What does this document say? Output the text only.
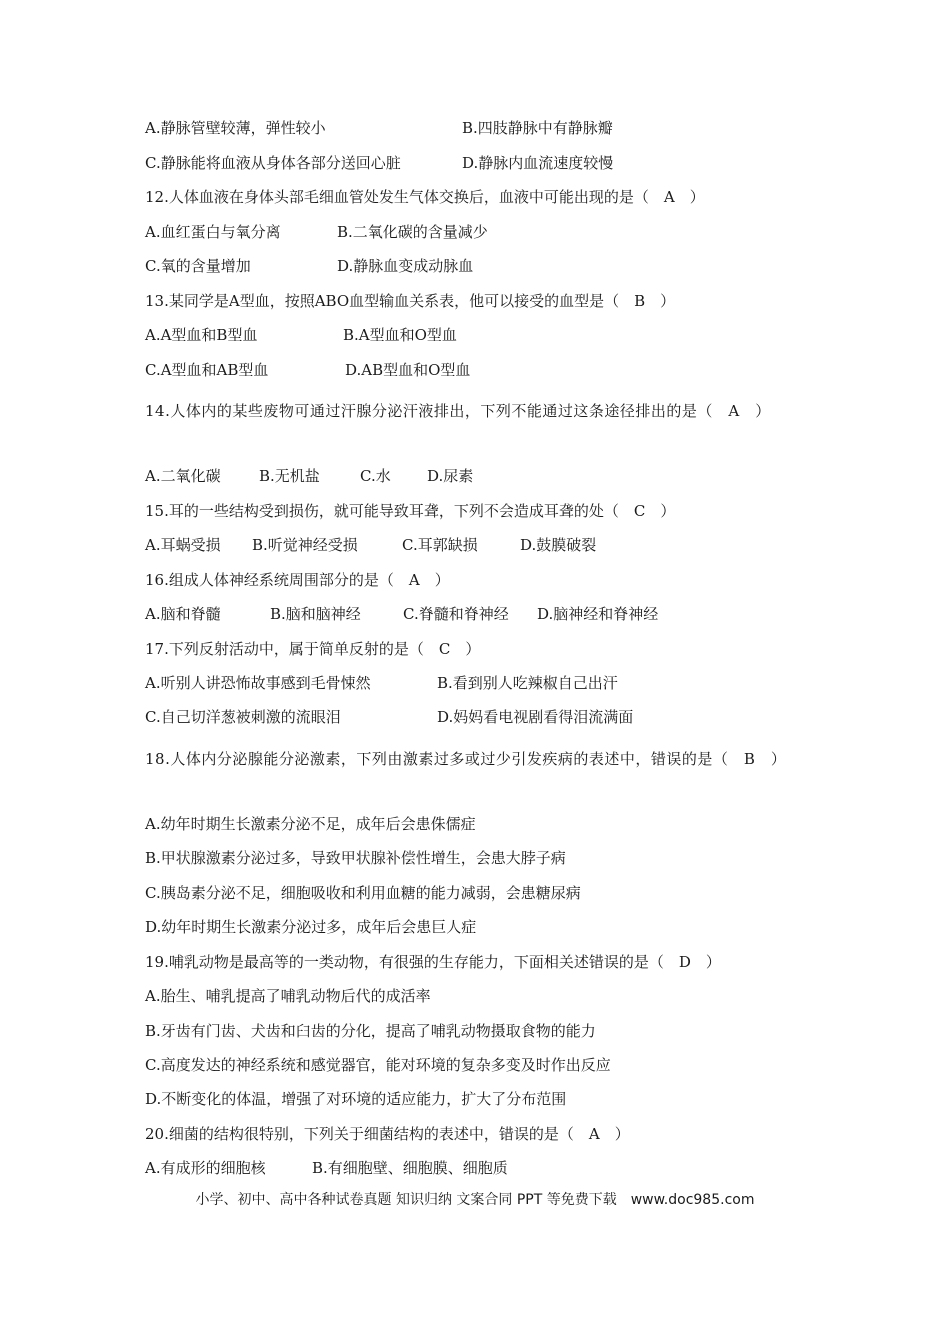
A.静脉管壁较薄，弹性较小	B.四肢静脉中有静脉瓣
C.静脉能将血液从身体各部分送回心脏	D.静脉内血流速度较慢
12.人体血液在身体头部毛细血管处发生气体交换后，血液中可能出现的是（　A　）
A.血红蛋白与氧分离	B.二氧化碳的含量减少
C.氧的含量增加	D.静脉血变成动脉血
13.某同学是A型血，按照ABO血型输血关系表，他可以接受的血型是（　B　）
A.A型血和B型血	B.A型血和O型血
C.A型血和AB型血	D.AB型血和O型血
14.人体内的某些废物可通过汗腺分泌汗液排出，下列不能通过这条途径排出的是（　A　）
A.二氧化碳	B.无机盐	C.水 D.尿素
15.耳的一些结构受到损伤，就可能导致耳聋，下列不会造成耳聋的处（　C　）
A.耳蜗受损 B.听觉神经受损	C.耳郭缺损	D.鼓膜破裂
16.组成人体神经系统周围部分的是（　A　）
A.脑和脊髓	B.脑和脑神经	C.脊髓和脊神经 D.脑神经和脊神经
17.下列反射活动中，属于简单反射的是（　C　）
A.听别人讲恐怖故事感到毛骨悚然	B.看到别人吃辣椒自己出汗
C.自己切洋葱被刺激的流眼泪	D.妈妈看电视剧看得泪流满面
18.人体内分泌腺能分泌激素，下列由激素过多或过少引发疾病的表述中，错误的是（　B　）
A.幼年时期生长激素分泌不足，成年后会患侏儒症
B.甲状腺激素分泌过多，导致甲状腺补偿性增生，会患大脖子病
C.胰岛素分泌不足，细胞吸收和利用血糖的能力减弱，会患糖尿病
D.幼年时期生长激素分泌过多，成年后会患巨人症
19.哺乳动物是最高等的一类动物，有很强的生存能力，下面相关述错误的是（　D　）
A.胎生、哺乳提高了哺乳动物后代的成活率
B.牙齿有门齿、犬齿和臼齿的分化，提高了哺乳动物摄取食物的能力
C.高度发达的神经系统和感觉器官，能对环境的复杂多变及时作出反应
D.不断变化的体温，增强了对环境的适应能力，扩大了分布范围
20.细菌的结构很特别，下列关于细菌结构的表述中，错误的是（　A　）
A.有成形的细胞核	B.有细胞壁、细胞膜、细胞质
小学、初中、高中各种试卷真题 知识归纳 文案合同 PPT 等免费下载　www.doc985.com
